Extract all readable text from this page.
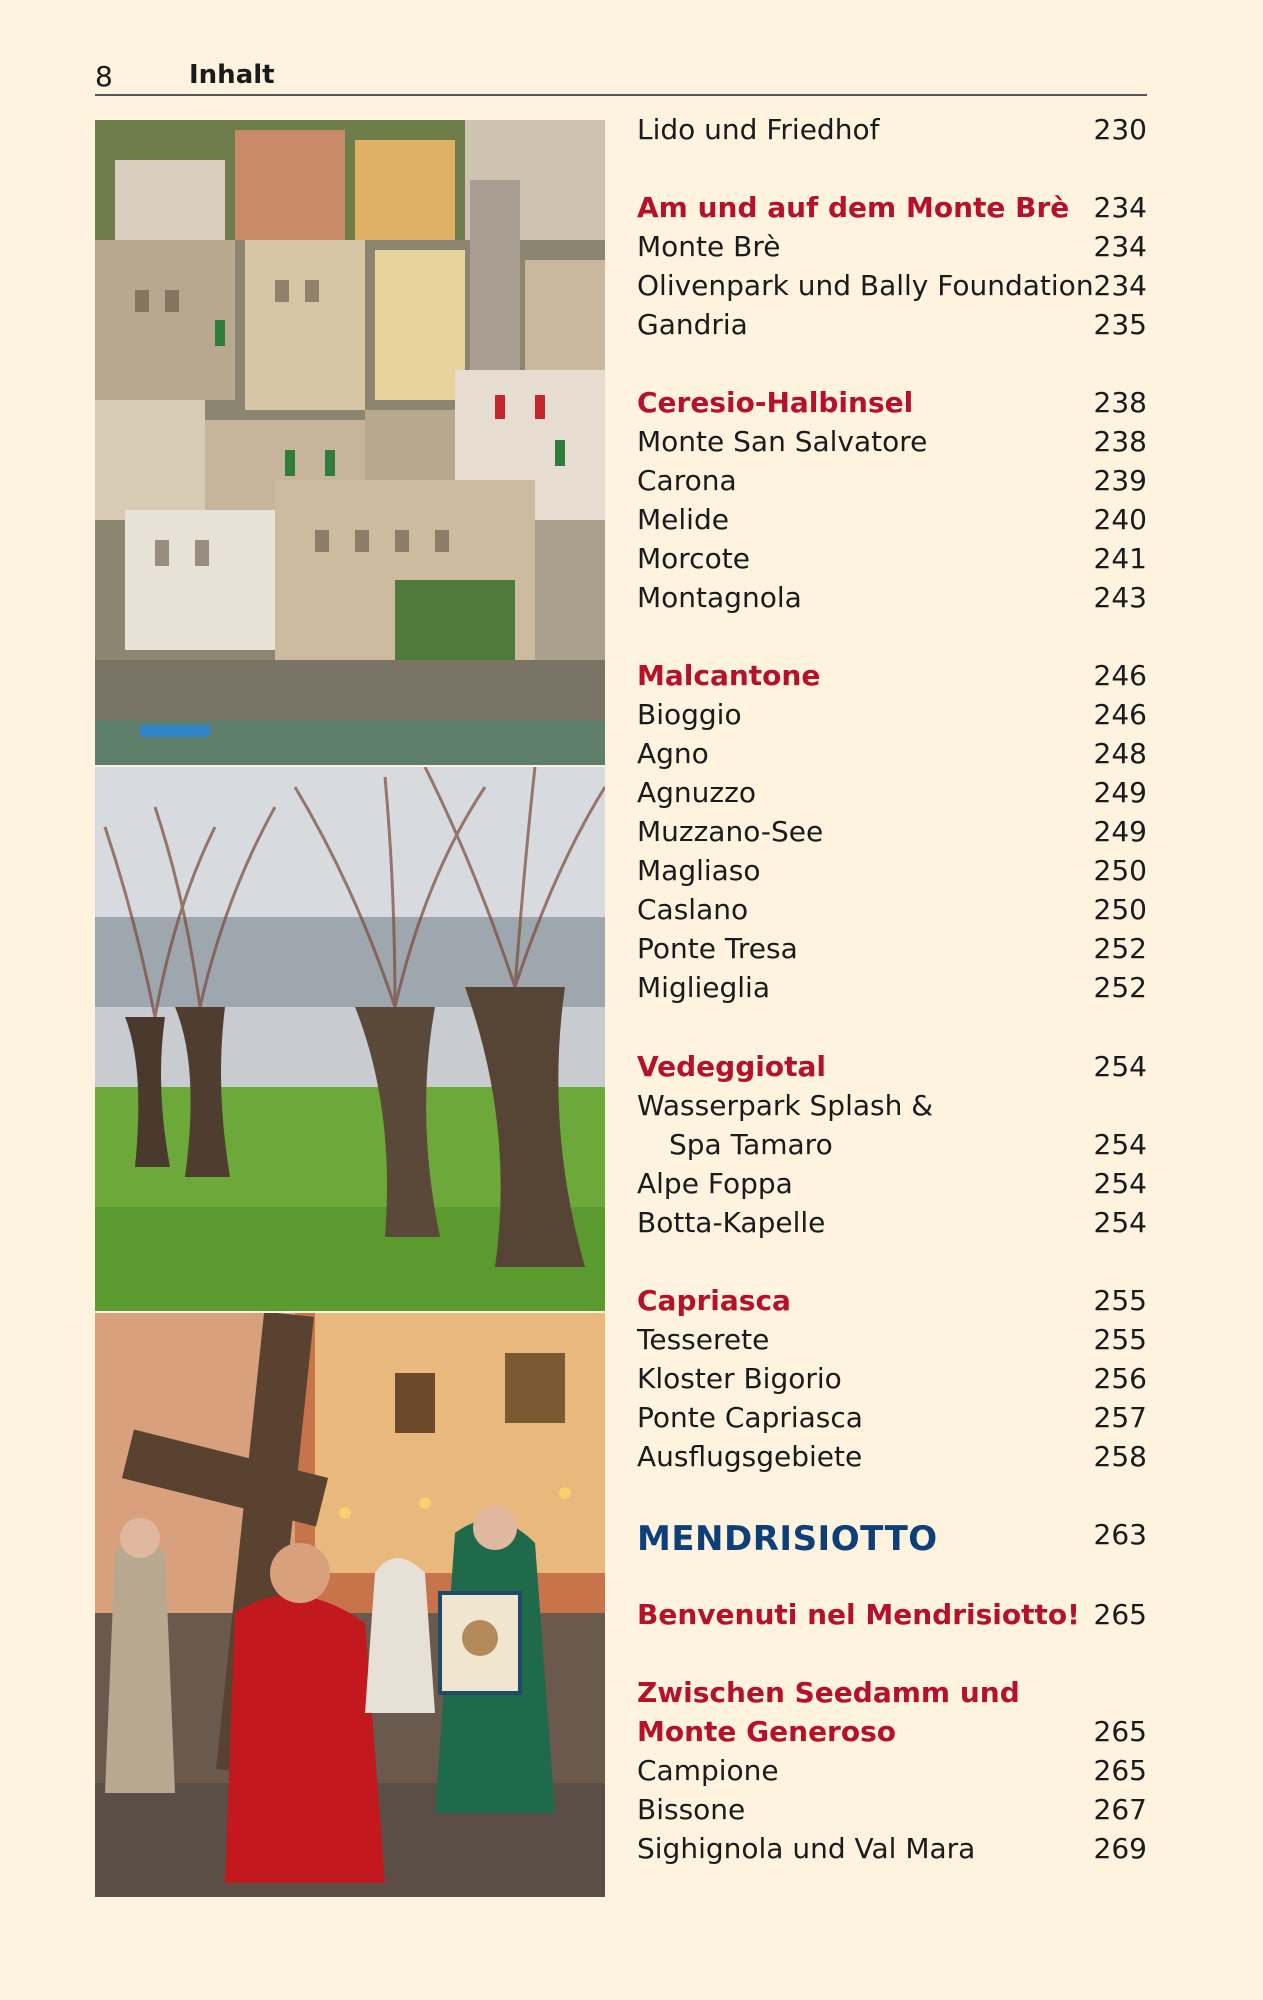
8	Inhalt
Lido und Friedhof	230
Am und auf dem Monte Brè 234
Monte Brè	234
Olivenpark und Bally Foundation 234
Gandria	235
Ceresio-Halbinsel	238
Monte San Salvatore	238
Carona	239
Melide	240
Morcote	241
Montagnola	243
Malcantone	246
Bioggio	246
Agno	248
Agnuzzo	249
Muzzano-See	249
Magliaso	250
Caslano	250
Ponte Tresa	252
Miglieglia	252
Vedeggiotal	254
Wasserpark Splash &
Spa Tamaro	254
Alpe Foppa	254
Botta-Kapelle	254
Capriasca	255
Tesserete	255
Kloster Bigorio	256
Ponte Capriasca	257
Ausflugsgebiete	258
MENDRISIOTTO	263
Benvenuti nel Mendrisiotto! 265
Zwischen Seedamm und
Monte Generoso	265
Campione	265
Bissone	267
Sighignola und Val Mara	269
